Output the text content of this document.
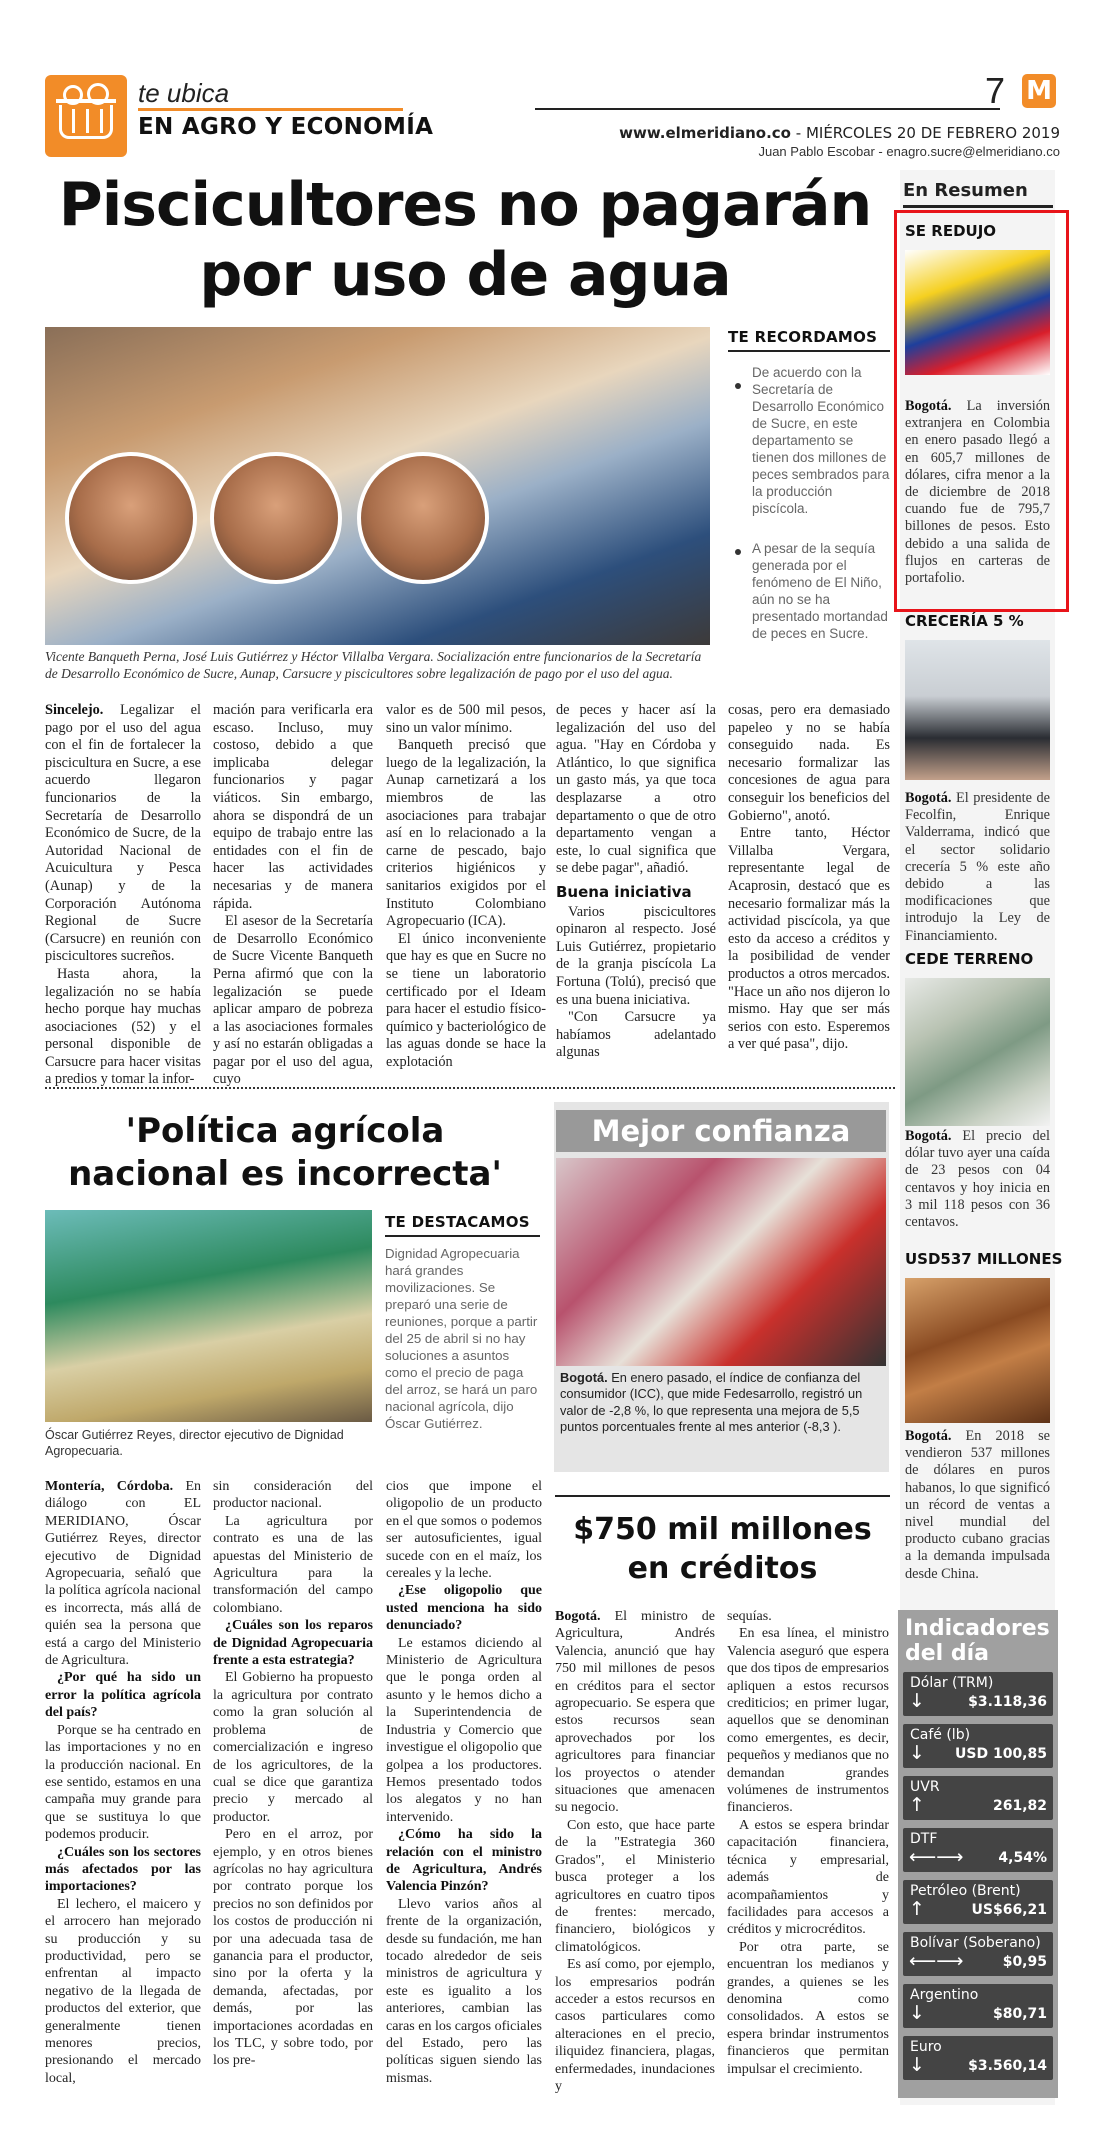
te ubica
EN AGRO Y ECONOMÍA
7 M
www.elmeridiano.co - MIÉRCOLES 20 DE FEBRERO 2019
Juan Pablo Escobar - enagro.sucre@elmeridiano.co
Piscicultores no pagarán por uso de agua
Vicente Banqueth Perna, José Luis Gutiérrez y Héctor Villalba Vergara. Socialización entre funcionarios de la Secretaría de Desarrollo Económico de Sucre, Aunap, Carsucre y piscicultores sobre legalización de pago por el uso del agua.
TE RECORDAMOS
De acuerdo con la Secretaría de Desarrollo Económico de Sucre, en este departamento se tienen dos millones de peces sembrados para la producción piscícola.
A pesar de la sequía generada por el fenómeno de El Niño, aún no se ha presentado mortandad de peces en Sucre.

Sincelejo. Legalizar el pago por el uso del agua con el fin de fortalecer la piscicultura en Sucre, a ese acuerdo llegaron funcionarios de la Secretaría de Desarrollo Económico de Sucre, de la Autoridad Nacional de Acuicultura y Pesca (Aunap) y de la Corporación Autónoma Regional de Sucre (Carsucre) en reunión con piscicultores sucreños.

Hasta ahora, la legalización no se había hecho porque hay muchas asociaciones (52) y el personal disponible de Carsucre para hacer visitas a predios y tomar la infor-

mación para verificarla era escaso. Incluso, muy costoso, debido a que implicaba delegar funcionarios y pagar viáticos. Sin embargo, ahora se dispondrá de un equipo de trabajo entre las entidades con el fin de hacer las actividades necesarias y de manera rápida.

El asesor de la Secretaría de Desarrollo Económico de Sucre Vicente Banqueth Perna afirmó que con la legalización se puede aplicar amparo de pobreza a las asociaciones formales y así no estarán obligadas a pagar por el uso del agua, cuyo

valor es de 500 mil pesos, sino un valor mínimo.

Banqueth precisó que luego de la legalización, la Aunap carnetizará a los miembros de las asociaciones para trabajar así en lo relacionado a la carne de pescado, bajo criterios higiénicos y sanitarios exigidos por el Instituto Colombiano Agropecuario (ICA).

El único inconveniente que hay es que en Sucre no se tiene un laboratorio certificado por el Ideam para hacer el estudio físico-químico y bacteriológico de las aguas donde se hace la explotación

de peces y hacer así la legalización del uso del agua. "Hay en Córdoba y Atlántico, lo que significa un gasto más, ya que toca desplazarse a otro departamento o que de otro departamento vengan a este, lo cual significa que se debe pagar", añadió.

Buena iniciativa

Varios piscicultores opinaron al respecto. José Luis Gutiérrez, propietario de la granja piscícola La Fortuna (Tolú), precisó que es una buena iniciativa.

"Con Carsucre ya habíamos adelantado algunas

cosas, pero era demasiado papeleo y no se había conseguido nada. Es necesario formalizar las concesiones de agua para conseguir los beneficios del Gobierno", anotó.

Entre tanto, Héctor Villalba Vergara, representante legal de Acaprosin, destacó que es necesario formalizar más la actividad piscícola, ya que esto da acceso a créditos y la posibilidad de vender productos a otros mercados. "Hace un año nos dijeron lo mismo. Hay que ser más serios con esto. Esperemos a ver qué pasa", dijo.

'Política agrícola nacional es incorrecta'
Óscar Gutiérrez Reyes, director ejecutivo de Dignidad Agropecuaria.
TE DESTACAMOS
Dignidad Agropecuaria hará grandes movilizaciones. Se preparó una serie de reuniones, porque a partir del 25 de abril si no hay soluciones a asuntos como el precio de paga del arroz, se hará un paro nacional agrícola, dijo Óscar Gutiérrez.

Montería, Córdoba. En diálogo con EL MERIDIANO, Óscar Gutiérrez Reyes, director ejecutivo de Dignidad Agropecuaria, señaló que la política agrícola nacional es incorrecta, más allá de quién sea la persona que está a cargo del Ministerio de Agricultura.

¿Por qué ha sido un error la política agrícola del país?

Porque se ha centrado en las importaciones y no en la producción nacional. En ese sentido, estamos en una campaña muy grande para que se sustituya lo que podemos producir.

¿Cuáles son los sectores más afectados por las importaciones?

El lechero, el maicero y el arrocero han mejorado su producción y su productividad, pero se enfrentan al impacto negativo de la llegada de productos del exterior, que generalmente tienen menores precios, presionando el mercado local,

sin consideración del productor nacional.

La agricultura por contrato es una de las apuestas del Ministerio de Agricultura para la transformación del campo colombiano.

¿Cuáles son los reparos de Dignidad Agropecuaria frente a esta estrategia?

El Gobierno ha propuesto la agricultura por contrato como la gran solución al problema de comercialización e ingreso de los agricultores, de la cual se dice que garantiza precio y mercado al productor.

Pero en el arroz, por ejemplo, y en otros bienes agrícolas no hay agricultura por contrato porque los precios no son definidos por los costos de producción ni por una adecuada tasa de ganancia para el productor, sino por la oferta y la demanda, afectadas, por demás, por las importaciones acordadas en los TLC, y sobre todo, por los pre-

cios que impone el oligopolio de un producto en el que somos o podemos ser autosuficientes, igual sucede con en el maíz, los cereales y la leche.

¿Ese oligopolio que usted menciona ha sido denunciado?

Le estamos diciendo al Ministerio de Agricultura que le ponga orden al asunto y le hemos dicho a la Superintendencia de Industria y Comercio que investigue el oligopolio que golpea a los productores. Hemos presentado todos los alegatos y no han intervenido.

¿Cómo ha sido la relación con el ministro de Agricultura, Andrés Valencia Pinzón?

Llevo varios años al frente de la organización, desde su fundación, me han tocado alrededor de seis ministros de agricultura y este es igualito a los anteriores, cambian las caras en los cargos oficiales del Estado, pero las políticas siguen siendo las mismas.

Mejor confianza
Bogotá. En enero pasado, el índice de confianza del consumidor (ICC), que mide Fedesarrollo, registró un valor de -2,8 %, lo que representa una mejora de 5,5 puntos porcentuales frente al mes anterior (-8,3 ).
$750 mil millones en créditos

Bogotá. El ministro de Agricultura, Andrés Valencia, anunció que hay 750 mil millones de pesos en créditos para el sector agropecuario. Se espera que estos recursos sean aprovechados por los agricultores para financiar los proyectos o atender situaciones que amenacen su negocio.

Con esto, que hace parte de la "Estrategia 360 Grados", el Ministerio busca proteger a los agricultores en cuatro tipos de frentes: mercado, financiero, biológicos y climatológicos.

Es así como, por ejemplo, los empresarios podrán acceder a estos recursos en casos particulares como alteraciones en el precio, iliquidez financiera, plagas, enfermedades, inundaciones y

sequías.

En esa línea, el ministro Valencia aseguró que espera que dos tipos de empresarios apliquen a estos recursos crediticios; en primer lugar, aquellos que se denominan como emergentes, es decir, pequeños y medianos que no demandan grandes volúmenes de instrumentos financieros.

A estos se espera brindar capacitación financiera, técnica y empresarial, además de acompañamientos y facilidades para accesos a créditos y microcréditos.

Por otra parte, se encuentran los medianos y grandes, a quienes se les denomina como consolidados. A estos se espera brindar instrumentos financieros que permitan impulsar el crecimiento.

En Resumen
SE REDUJO
Bogotá. La inversión extranjera en Colombia en enero pasado llegó a en 605,7 millones de dólares, cifra menor a la de diciembre de 2018 cuando fue de 795,7 billones de pesos. Esto debido a una salida de flujos en carteras de portafolio.
CRECERÍA 5 %
Bogotá. El presidente de Fecolfin, Enrique Valderrama, indicó que el sector solidario crecería 5 % este año debido a las modificaciones que introdujo la Ley de Financiamiento.
CEDE TERRENO
Bogotá. El precio del dólar tuvo ayer una caída de 23 pesos con 04 centavos y hoy inicia en 3 mil 118 pesos con 36 centavos.
USD537 MILLONES
Bogotá. En 2018 se vendieron 537 millones de dólares en puros habanos, lo que significó un récord de ventas a nivel mundial del producto cubano gracias a la demanda impulsada desde China.
Indicadores del día
Dólar (TRM)
↓	$3.118,36
Café (lb)
↓ USD 100,85
UVR
↑	261,82
DTF
⟵⟶ 4,54%
Petróleo (Brent)
↑	US$66,21
Bolívar (Soberano)
⟵⟶	$0,95
Argentino
↓	$80,71
Euro
↓	$3.560,14
